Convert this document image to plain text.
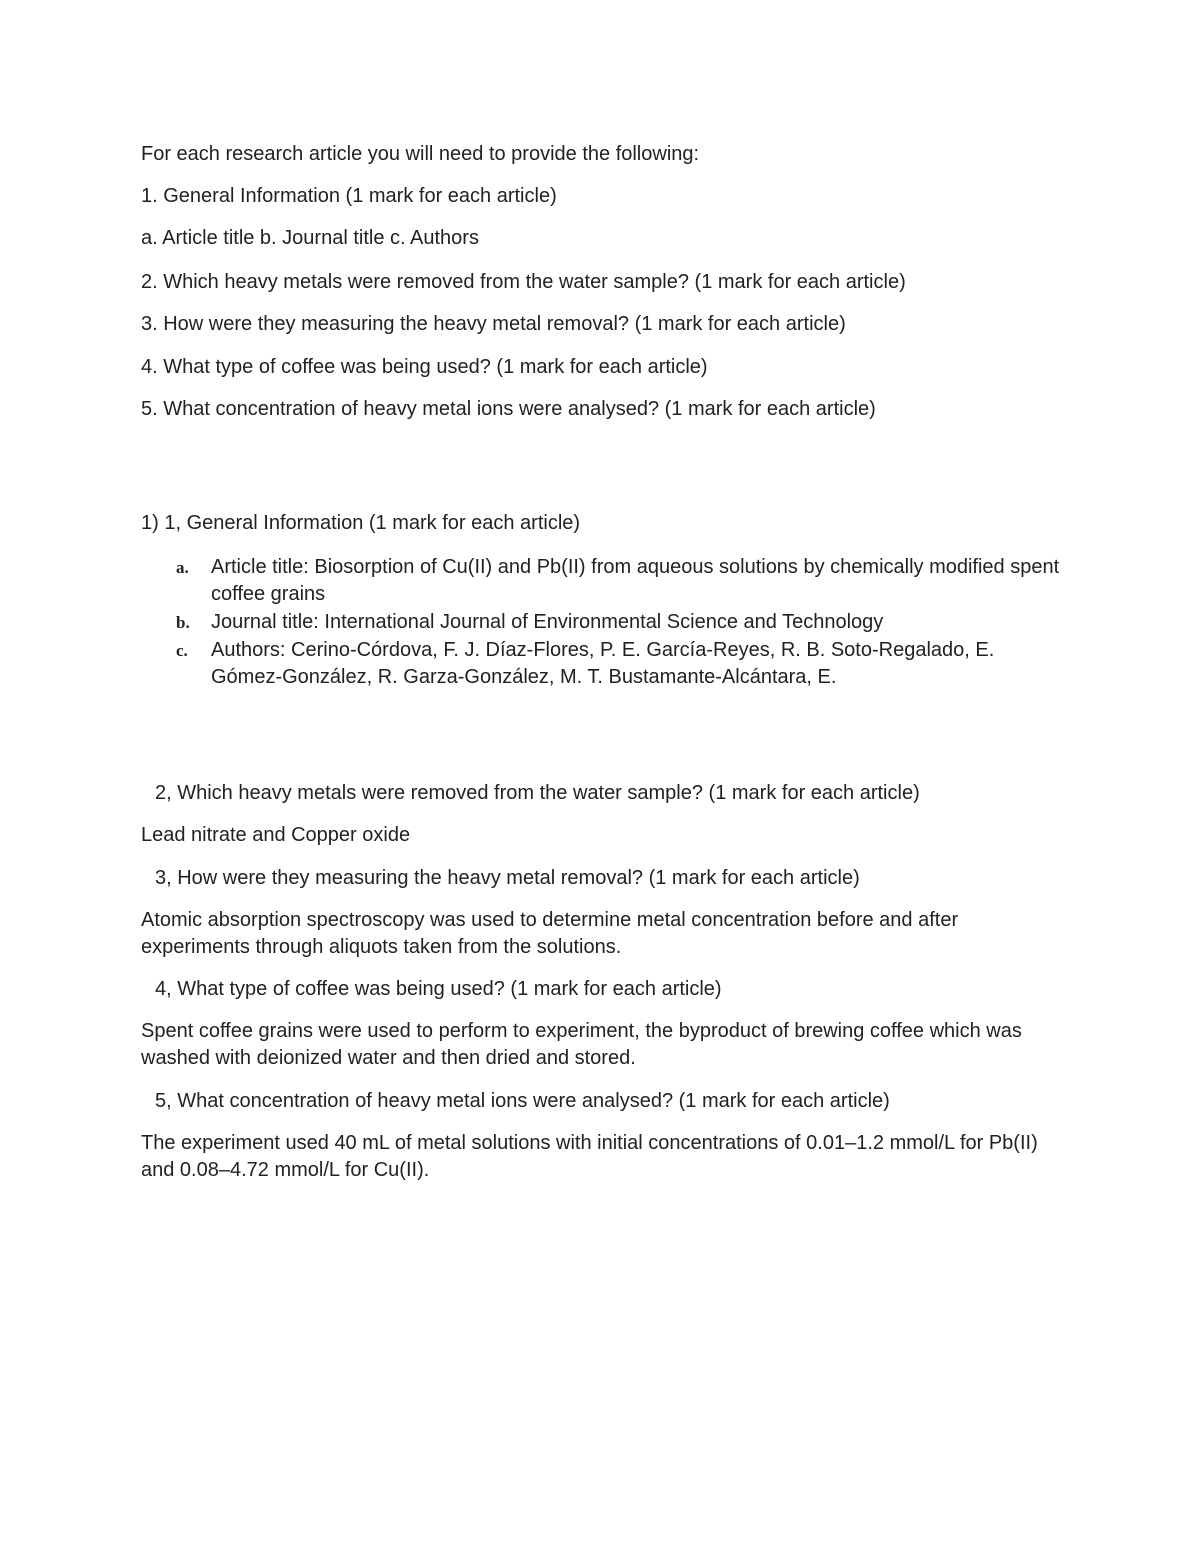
For each research article you will need to provide the following:
1. General Information (1 mark for each article)
a. Article title b. Journal title c. Authors
2. Which heavy metals were removed from the water sample? (1 mark for each article)
3. How were they measuring the heavy metal removal? (1 mark for each article)
4. What type of coffee was being used? (1 mark for each article)
5. What concentration of heavy metal ions were analysed? (1 mark for each article)
1) 1, General Information (1 mark for each article)
a. Article title: Biosorption of Cu(II) and Pb(II) from aqueous solutions by chemically modified spent coffee grains
b. Journal title: International Journal of Environmental Science and Technology
c. Authors: Cerino-Córdova, F. J. Díaz-Flores, P. E. García-Reyes, R. B. Soto-Regalado, E. Gómez-González, R. Garza-González, M. T. Bustamante-Alcántara, E.
2, Which heavy metals were removed from the water sample? (1 mark for each article)
Lead nitrate and Copper oxide
3, How were they measuring the heavy metal removal? (1 mark for each article)
Atomic absorption spectroscopy was used to determine metal concentration before and after experiments through aliquots taken from the solutions.
4, What type of coffee was being used? (1 mark for each article)
Spent coffee grains were used to perform to experiment, the byproduct of brewing coffee which was washed with deionized water and then dried and stored.
5, What concentration of heavy metal ions were analysed? (1 mark for each article)
The experiment used 40 mL of metal solutions with initial concentrations of 0.01–1.2 mmol/L for Pb(II) and 0.08–4.72 mmol/L for Cu(II).
